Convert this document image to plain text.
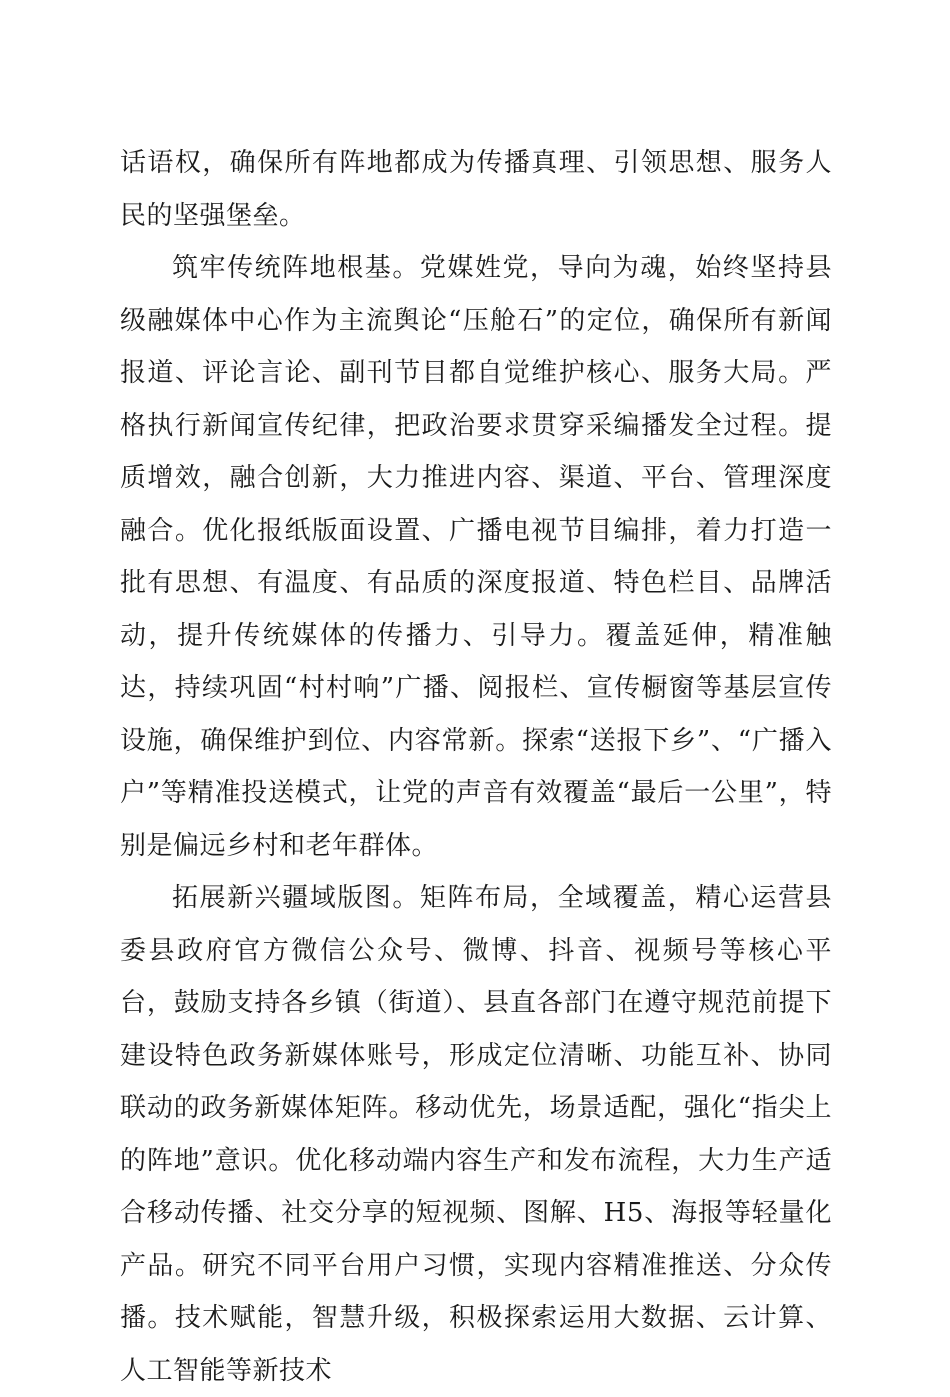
话语权，确保所有阵地都成为传播真理、引领思想、服务人民的坚强堡垒。

筑牢传统阵地根基。党媒姓党，导向为魂，始终坚持县级融媒体中心作为主流舆论“压舱石”的定位，确保所有新闻报道、评论言论、副刊节目都自觉维护核心、服务大局。严格执行新闻宣传纪律，把政治要求贯穿采编播发全过程。提质增效，融合创新，大力推进内容、渠道、平台、管理深度融合。优化报纸版面设置、广播电视节目编排，着力打造一批有思想、有温度、有品质的深度报道、特色栏目、品牌活动，提升传统媒体的传播力、引导力。覆盖延伸，精准触达，持续巩固“村村响”广播、阅报栏、宣传橱窗等基层宣传设施，确保维护到位、内容常新。探索“送报下乡”、“广播入户”等精准投送模式，让党的声音有效覆盖“最后一公里”，特别是偏远乡村和老年群体。

拓展新兴疆域版图。矩阵布局，全域覆盖，精心运营县委县政府官方微信公众号、微博、抖音、视频号等核心平台，鼓励支持各乡镇（街道）、县直各部门在遵守规范前提下建设特色政务新媒体账号，形成定位清晰、功能互补、协同联动的政务新媒体矩阵。移动优先，场景适配，强化“指尖上的阵地”意识。优化移动端内容生产和发布流程，大力生产适合移动传播、社交分享的短视频、图解、H5、海报等轻量化产品。研究不同平台用户习惯，实现内容精准推送、分众传播。技术赋能，智慧升级，积极探索运用大数据、云计算、人工智能等新技术
